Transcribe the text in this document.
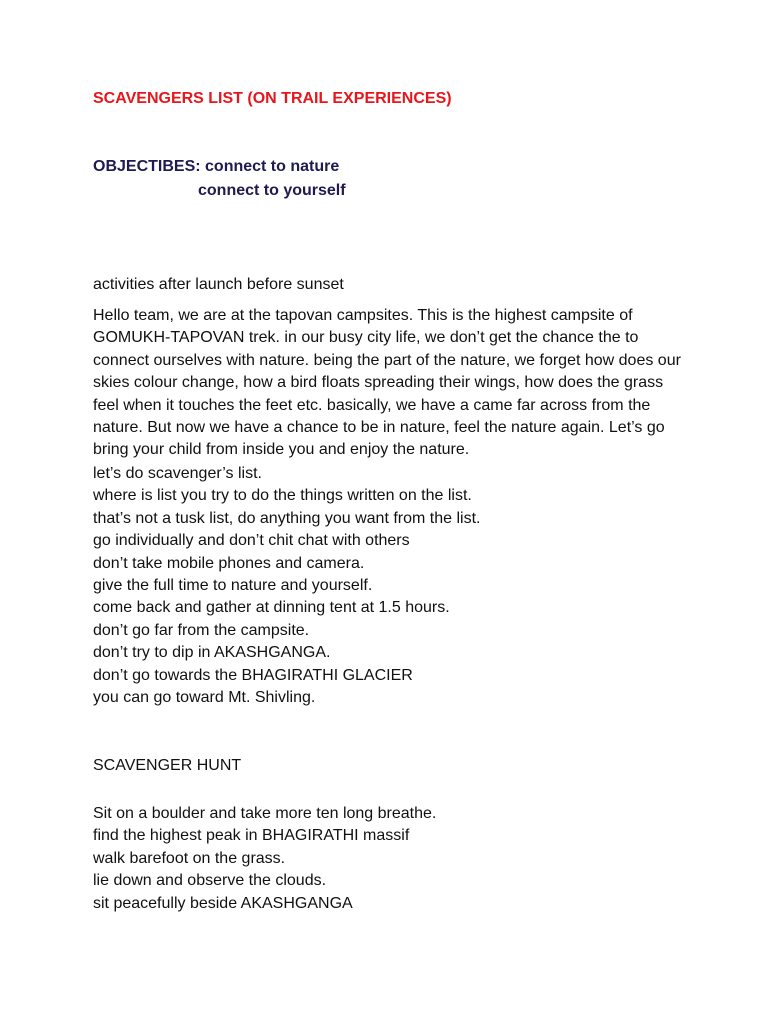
SCAVENGERS LIST (ON TRAIL EXPERIENCES)
OBJECTIBES: connect to nature
connect to yourself
activities after launch before sunset

Hello team, we are at the tapovan campsites. This is the highest campsite of GOMUKH-TAPOVAN trek. in our busy city life, we don’t get the chance the to connect ourselves with nature. being the part of the nature, we forget how does our skies colour change, how a bird floats spreading their wings, how does the grass feel when it touches the feet etc. basically, we have a came far across from the nature. But now we have a chance to be in nature, feel the nature again. Let’s go bring your child from inside you and enjoy the nature.

let’s do scavenger’s list.
where is list you try to do the things written on the list.
that’s not a tusk list, do anything you want from the list.
go individually and don’t chit chat with others
don’t take mobile phones and camera.
give the full time to nature and yourself.
come back and gather at dinning tent at 1.5 hours.
don’t go far from the campsite.
don’t try to dip in AKASHGANGA.
don’t go towards the BHAGIRATHI GLACIER
you can go toward Mt. Shivling.
SCAVENGER HUNT
Sit on a boulder and take more ten long breathe.
find the highest peak in BHAGIRATHI massif
walk barefoot on the grass.
lie down and observe the clouds.
sit peacefully beside AKASHGANGA
